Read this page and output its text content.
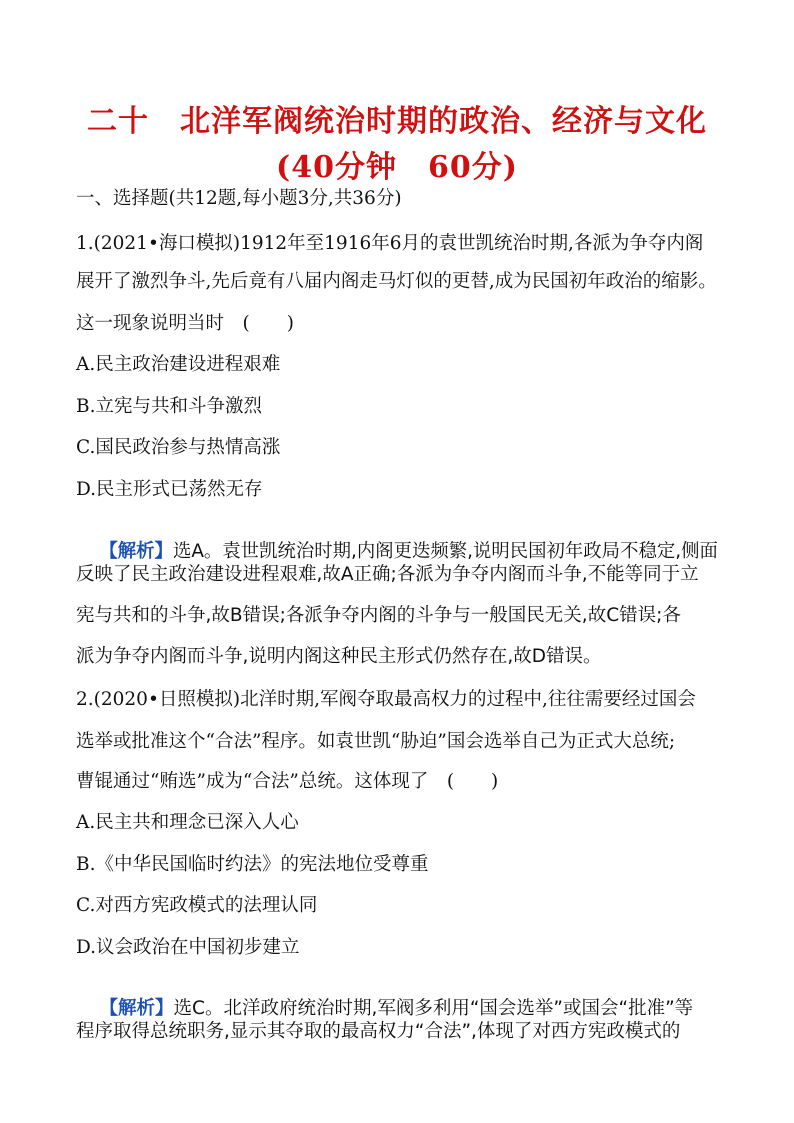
二十　北洋军阀统治时期的政治、经济与文化
(40分钟　60分)
一、选择题(共12题,每小题3分,共36分)
1.(2021•海口模拟)1912年至1916年6月的袁世凯统治时期,各派为争夺内阁
展开了激烈争斗,先后竟有八届内阁走马灯似的更替,成为民国初年政治的缩影。
这一现象说明当时　(　　)
A.民主政治建设进程艰难
B.立宪与共和斗争激烈
C.国民政治参与热情高涨
D.民主形式已荡然无存

【解析】选A。袁世凯统治时期,内阁更迭频繁,说明民国初年政局不稳定,侧面

反映了民主政治建设进程艰难,故A正确;各派为争夺内阁而斗争,不能等同于立
宪与共和的斗争,故B错误;各派争夺内阁的斗争与一般国民无关,故C错误;各
派为争夺内阁而斗争,说明内阁这种民主形式仍然存在,故D错误。
2.(2020•日照模拟)北洋时期,军阀夺取最高权力的过程中,往往需要经过国会
选举或批准这个“合法”程序。如袁世凯“胁迫”国会选举自己为正式大总统;
曹锟通过“贿选”成为“合法”总统。这体现了　(　　)
A.民主共和理念已深入人心
B.《中华民国临时约法》的宪法地位受尊重
C.对西方宪政模式的法理认同
D.议会政治在中国初步建立

【解析】选C。北洋政府统治时期,军阀多利用“国会选举”或国会“批准”等

程序取得总统职务,显示其夺取的最高权力“合法”,体现了对西方宪政模式的
